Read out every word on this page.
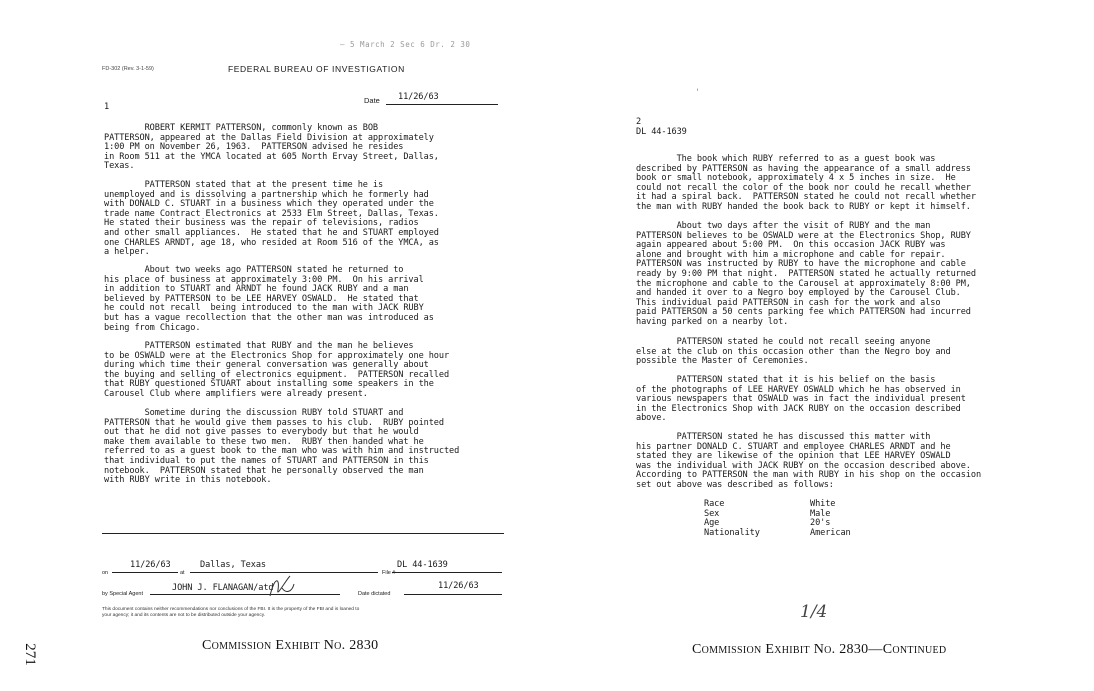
— 5 March 2 Sec 6 Dr. 2 30
FD-302 (Rev. 3-1-59)	FEDERAL BUREAU OF INVESTIGATION
Date 11/26/63
1
ROBERT KERMIT PATTERSON, commonly known as BOB
PATTERSON, appeared at the Dallas Field Division at approximately
1:00 PM on November 26, 1963.  PATTERSON advised he resides
in Room 511 at the YMCA located at 605 North Ervay Street, Dallas,
Texas.
PATTERSON stated that at the present time he is
unemployed and is dissolving a partnership which he formerly had
with DONALD C. STUART in a business which they operated under the
trade name Contract Electronics at 2533 Elm Street, Dallas, Texas.
He stated their business was the repair of televisions, radios
and other small appliances.  He stated that he and STUART employed
one CHARLES ARNDT, age 18, who resided at Room 516 of the YMCA, as
a helper.
About two weeks ago PATTERSON stated he returned to
his place of business at approximately 3:00 PM.  On his arrival
in addition to STUART and ARNDT he found JACK RUBY and a man
believed by PATTERSON to be LEE HARVEY OSWALD.  He stated that
he could not recall  being introduced to the man with JACK RUBY
but has a vague recollection that the other man was introduced as
being from Chicago.
PATTERSON estimated that RUBY and the man he believes
to be OSWALD were at the Electronics Shop for approximately one hour
during which time their general conversation was generally about
the buying and selling of electronics equipment.  PATTERSON recalled
that RUBY questioned STUART about installing some speakers in the
Carousel Club where amplifiers were already present.
Sometime during the discussion RUBY told STUART and
PATTERSON that he would give them passes to his club.  RUBY pointed
out that he did not give passes to everybody but that he would
make them available to these two men.  RUBY then handed what he
referred to as a guest book to the man who was with him and instructed
that individual to put the names of STUART and PATTERSON in this
notebook.  PATTERSON stated that he personally observed the man
with RUBY write in this notebook.
on
11/26/63
at
Dallas, Texas
File #
DL 44-1639
by Special Agent
JOHN J. FLANAGAN/atd
Date dictated
11/26/63
This document contains neither recommendations nor conclusions of the FBI. It is the property of the FBI and is loaned to
your agency; it and its contents are not to be distributed outside your agency.
Commission Exhibit No. 2830
271
'
2
DL 44-1639
The book which RUBY referred to as a guest book was
described by PATTERSON as having the appearance of a small address
book or small notebook, approximately 4 x 5 inches in size.  He
could not recall the color of the book nor could he recall whether
it had a spiral back.  PATTERSON stated he could not recall whether
the man with RUBY handed the book back to RUBY or kept it himself.
About two days after the visit of RUBY and the man
PATTERSON believes to be OSWALD were at the Electronics Shop, RUBY
again appeared about 5:00 PM.  On this occasion JACK RUBY was
alone and brought with him a microphone and cable for repair.
PATTERSON was instructed by RUBY to have the microphone and cable
ready by 9:00 PM that night.  PATTERSON stated he actually returned
the microphone and cable to the Carousel at approximately 8:00 PM,
and handed it over to a Negro boy employed by the Carousel Club.
This individual paid PATTERSON in cash for the work and also
paid PATTERSON a 50 cents parking fee which PATTERSON had incurred
having parked on a nearby lot.
PATTERSON stated he could not recall seeing anyone
else at the club on this occasion other than the Negro boy and
possible the Master of Ceremonies.
PATTERSON stated that it is his belief on the basis
of the photographs of LEE HARVEY OSWALD which he has observed in
various newspapers that OSWALD was in fact the individual present
in the Electronics Shop with JACK RUBY on the occasion described
above.
PATTERSON stated he has discussed this matter with
his partner DONALD C. STUART and employee CHARLES ARNDT and he
stated they are likewise of the opinion that LEE HARVEY OSWALD
was the individual with JACK RUBY on the occasion described above.
According to PATTERSON the man with RUBY in his shop on the occasion
set out above was described as follows:
Race	White
Sex	Male
Age	20's
Nationality	American
1/4
Commission Exhibit No. 2830—Continued
